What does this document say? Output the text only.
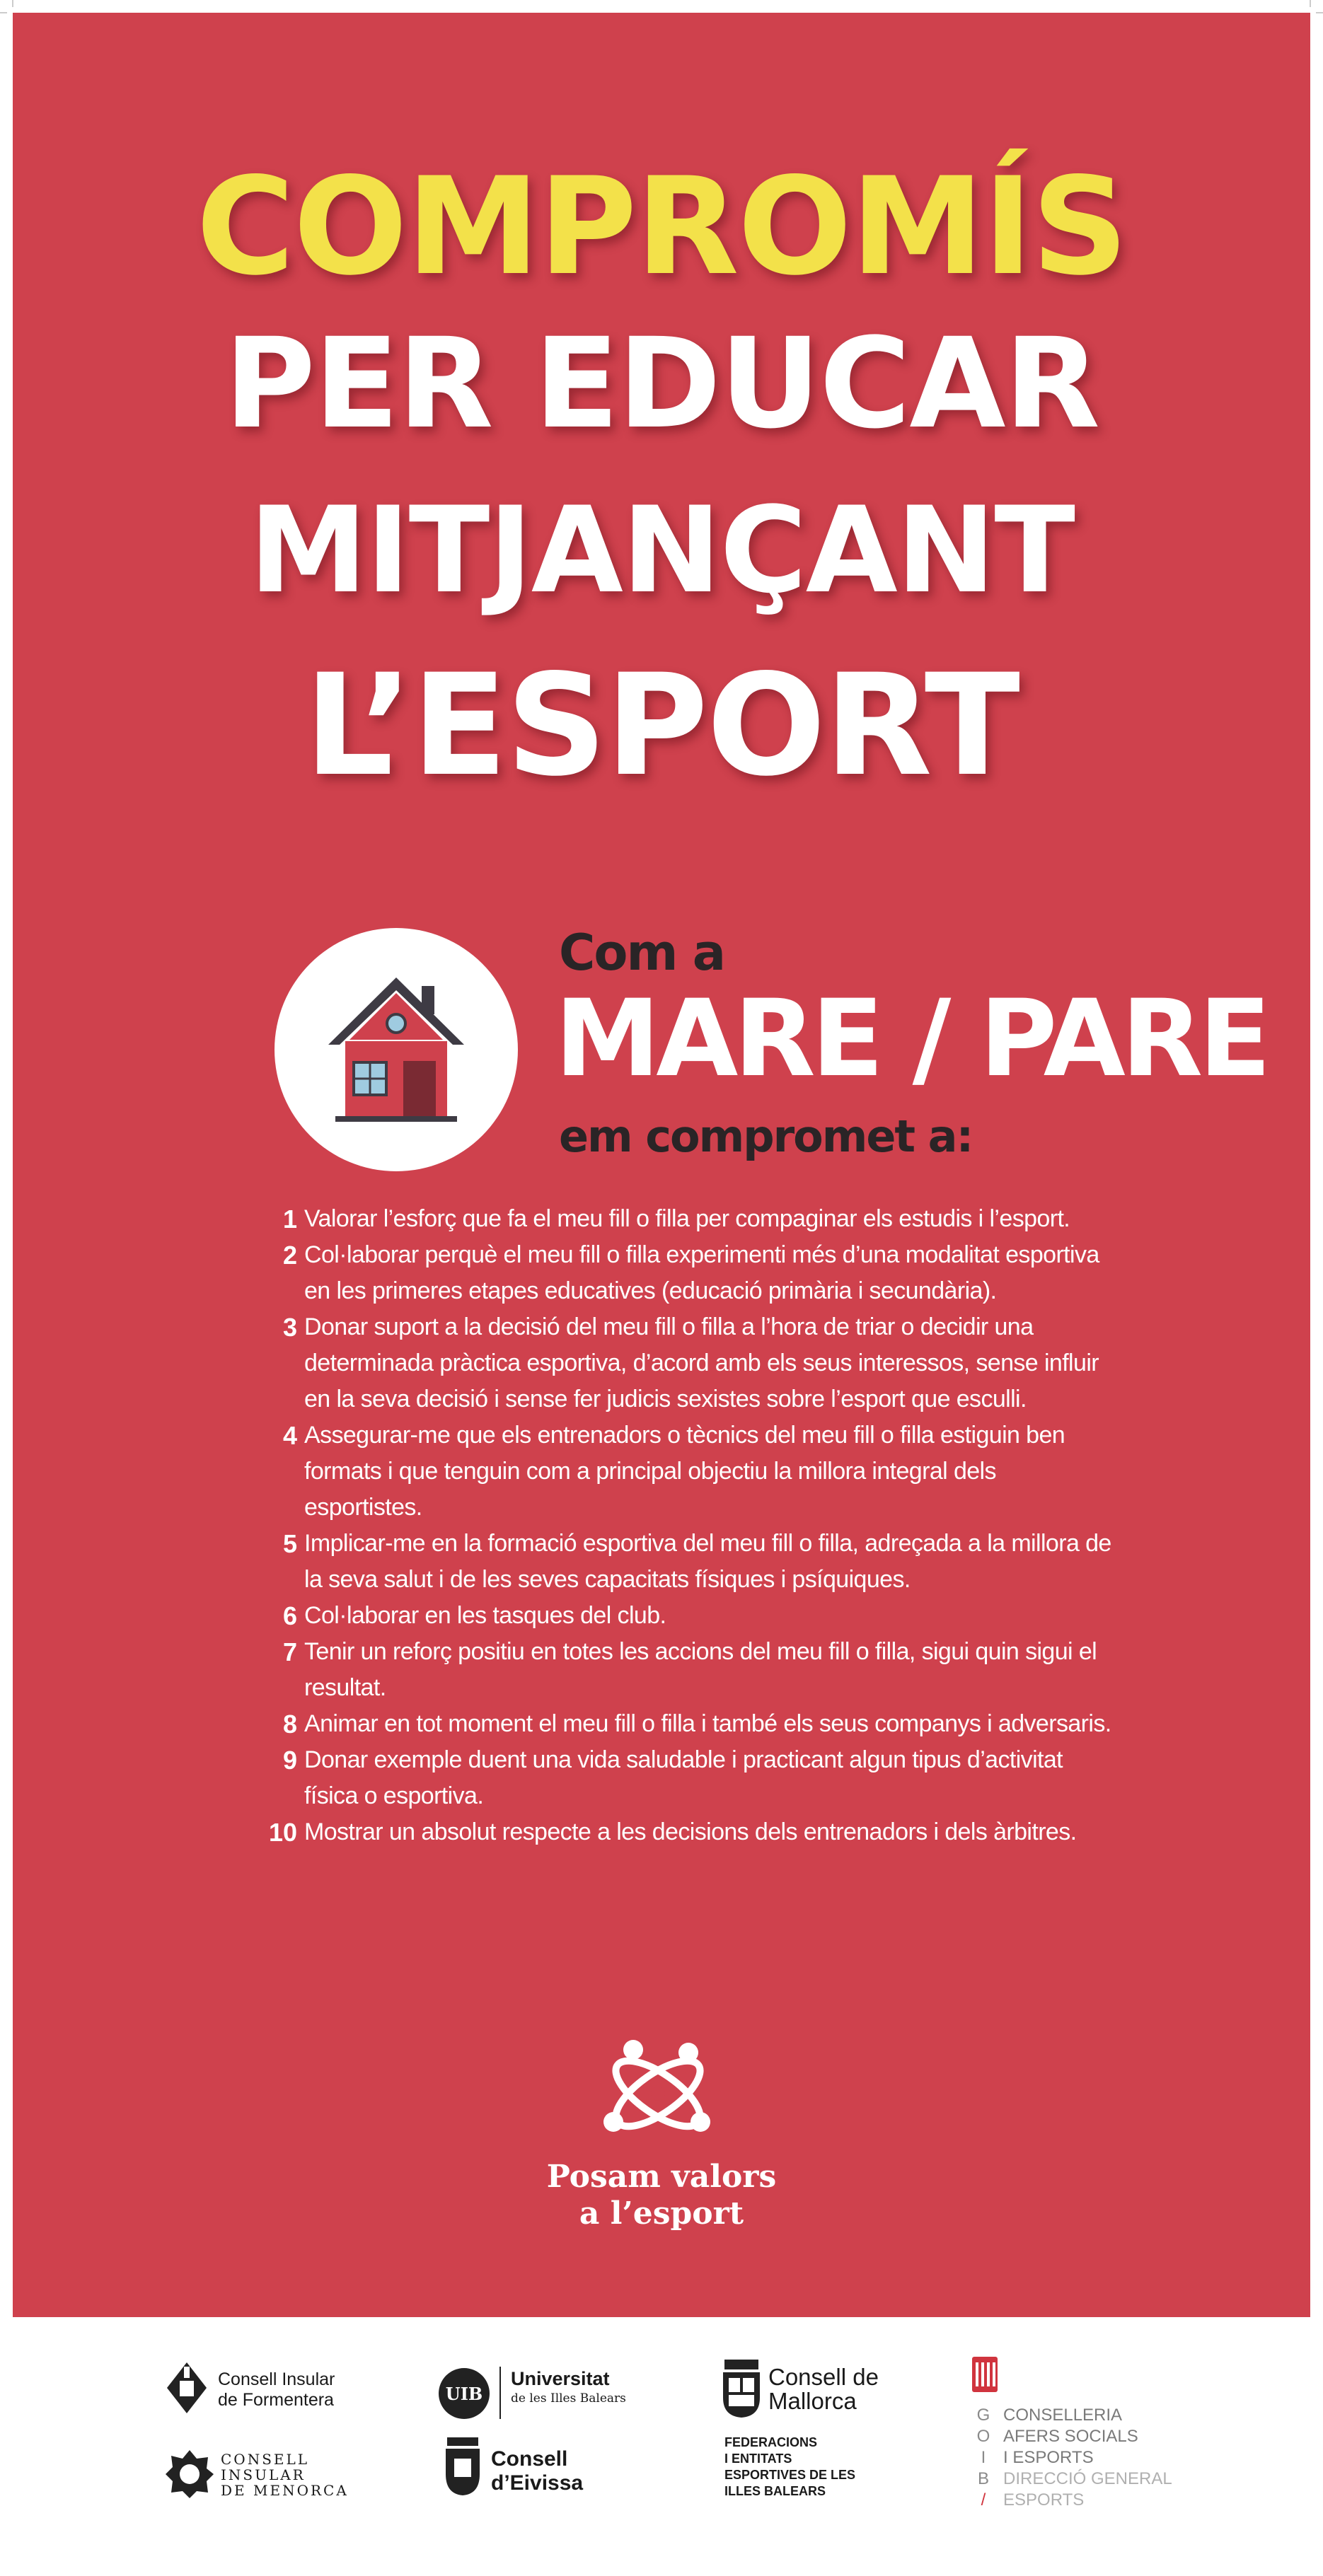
COMPROMÍS
PER EDUCAR
MITJANÇANT
L’ESPORT
Com a
MARE / PARE
em compromet a:
1 Valorar l’esforç que fa el meu fill o filla per compaginar els estudis i l’esport.
2 Col·laborar perquè el meu fill o filla experimenti més d’una modalitat esportiva en les primeres etapes educatives (educació primària i secundària).
3 Donar suport a la decisió del meu fill o filla a l’hora de triar o decidir una determinada pràctica esportiva, d’acord amb els seus interessos, sense influir en la seva decisió i sense fer judicis sexistes sobre l’esport que esculli.
4 Assegurar-me que els entrenadors o tècnics del meu fill o filla estiguin ben formats i que tenguin com a principal objectiu la millora integral dels esportistes.
5 Implicar-me en la formació esportiva del meu fill o filla, adreçada a la millora de la seva salut i de les seves capacitats físiques i psíquiques.
6 Col·laborar en les tasques del club.
7 Tenir un reforç positiu en totes les accions del meu fill o filla, sigui quin sigui el resultat.
8 Animar en tot moment el meu fill o filla i també els seus companys i adversaris.
9 Donar exemple duent una vida saludable i practicant algun tipus d’activitat física o esportiva.
10 Mostrar un absolut respecte a les decisions dels entrenadors i dels àrbitres.
Posam valors
a l’esport
Consell Insular
de Formentera
CONSELL
INSULAR
DE MENORCA
UIB
Universitat
de les Illes Balears
Consell
d’Eivissa
Consell de
Mallorca
FEDERACIONS
I ENTITATS
ESPORTIVES DE LES
ILLES BALEARS
G
O
I
B
/
CONSELLERIA
AFERS SOCIALS
I ESPORTS
DIRECCIÓ GENERAL
ESPORTS
